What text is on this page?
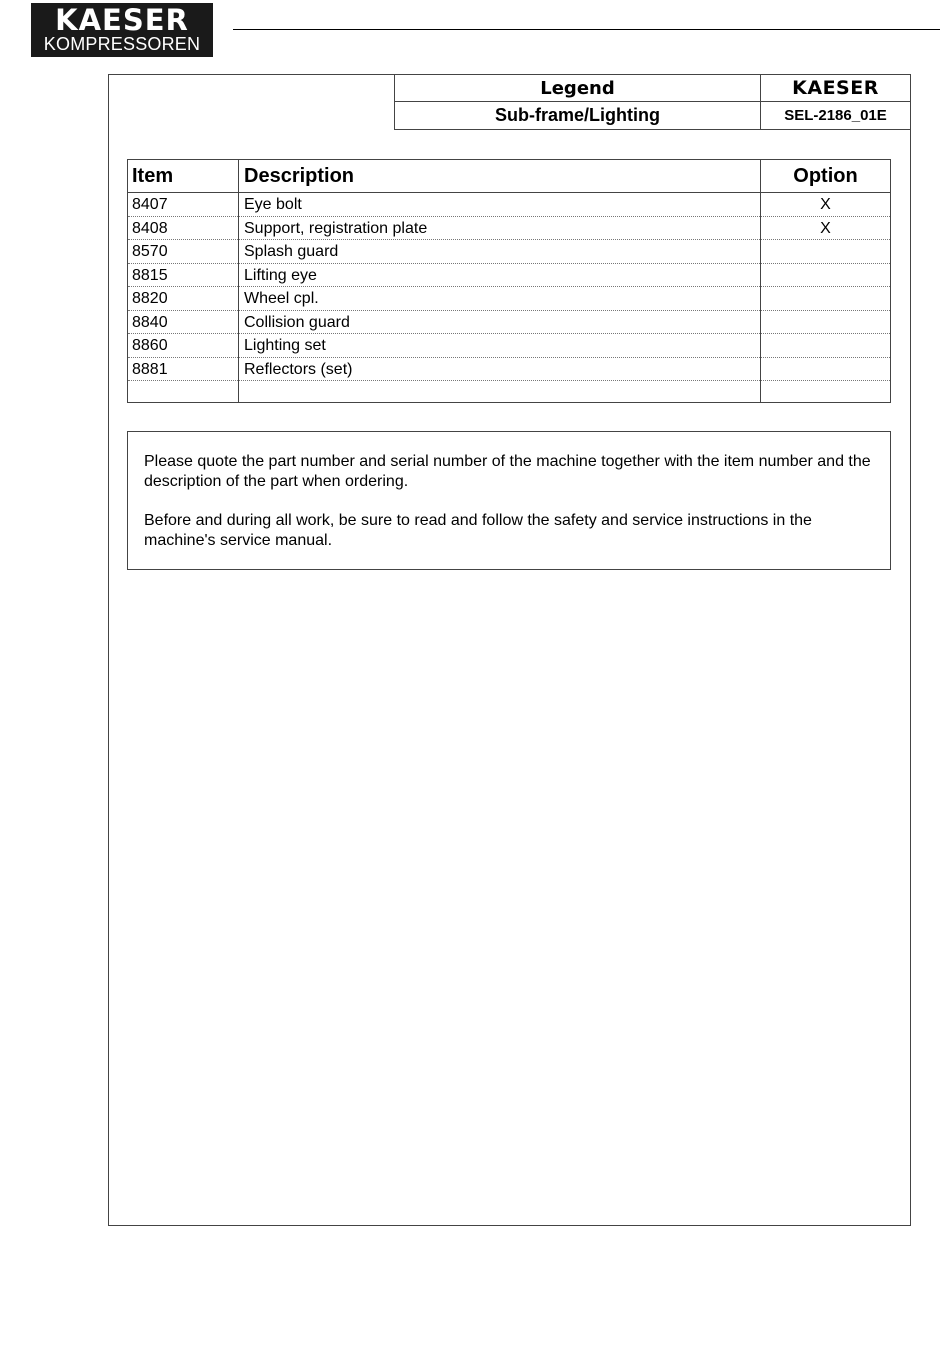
KAESER
KOMPRESSOREN
Legend	KAESER
Sub-frame/Lighting	SEL-2186_01E
Item	Description	Option
8407	Eye bolt	X
8408	Support, registration plate	X
8570	Splash guard
8815	Lifting eye
8820	Wheel cpl.
8840	Collision guard
8860	Lighting set
8881	Reflectors (set)

Please quote the part number and serial number of the machine together with the item number and the description of the part when ordering.

Before and during all work, be sure to read and follow the safety and service instructions in the machine's service manual.
